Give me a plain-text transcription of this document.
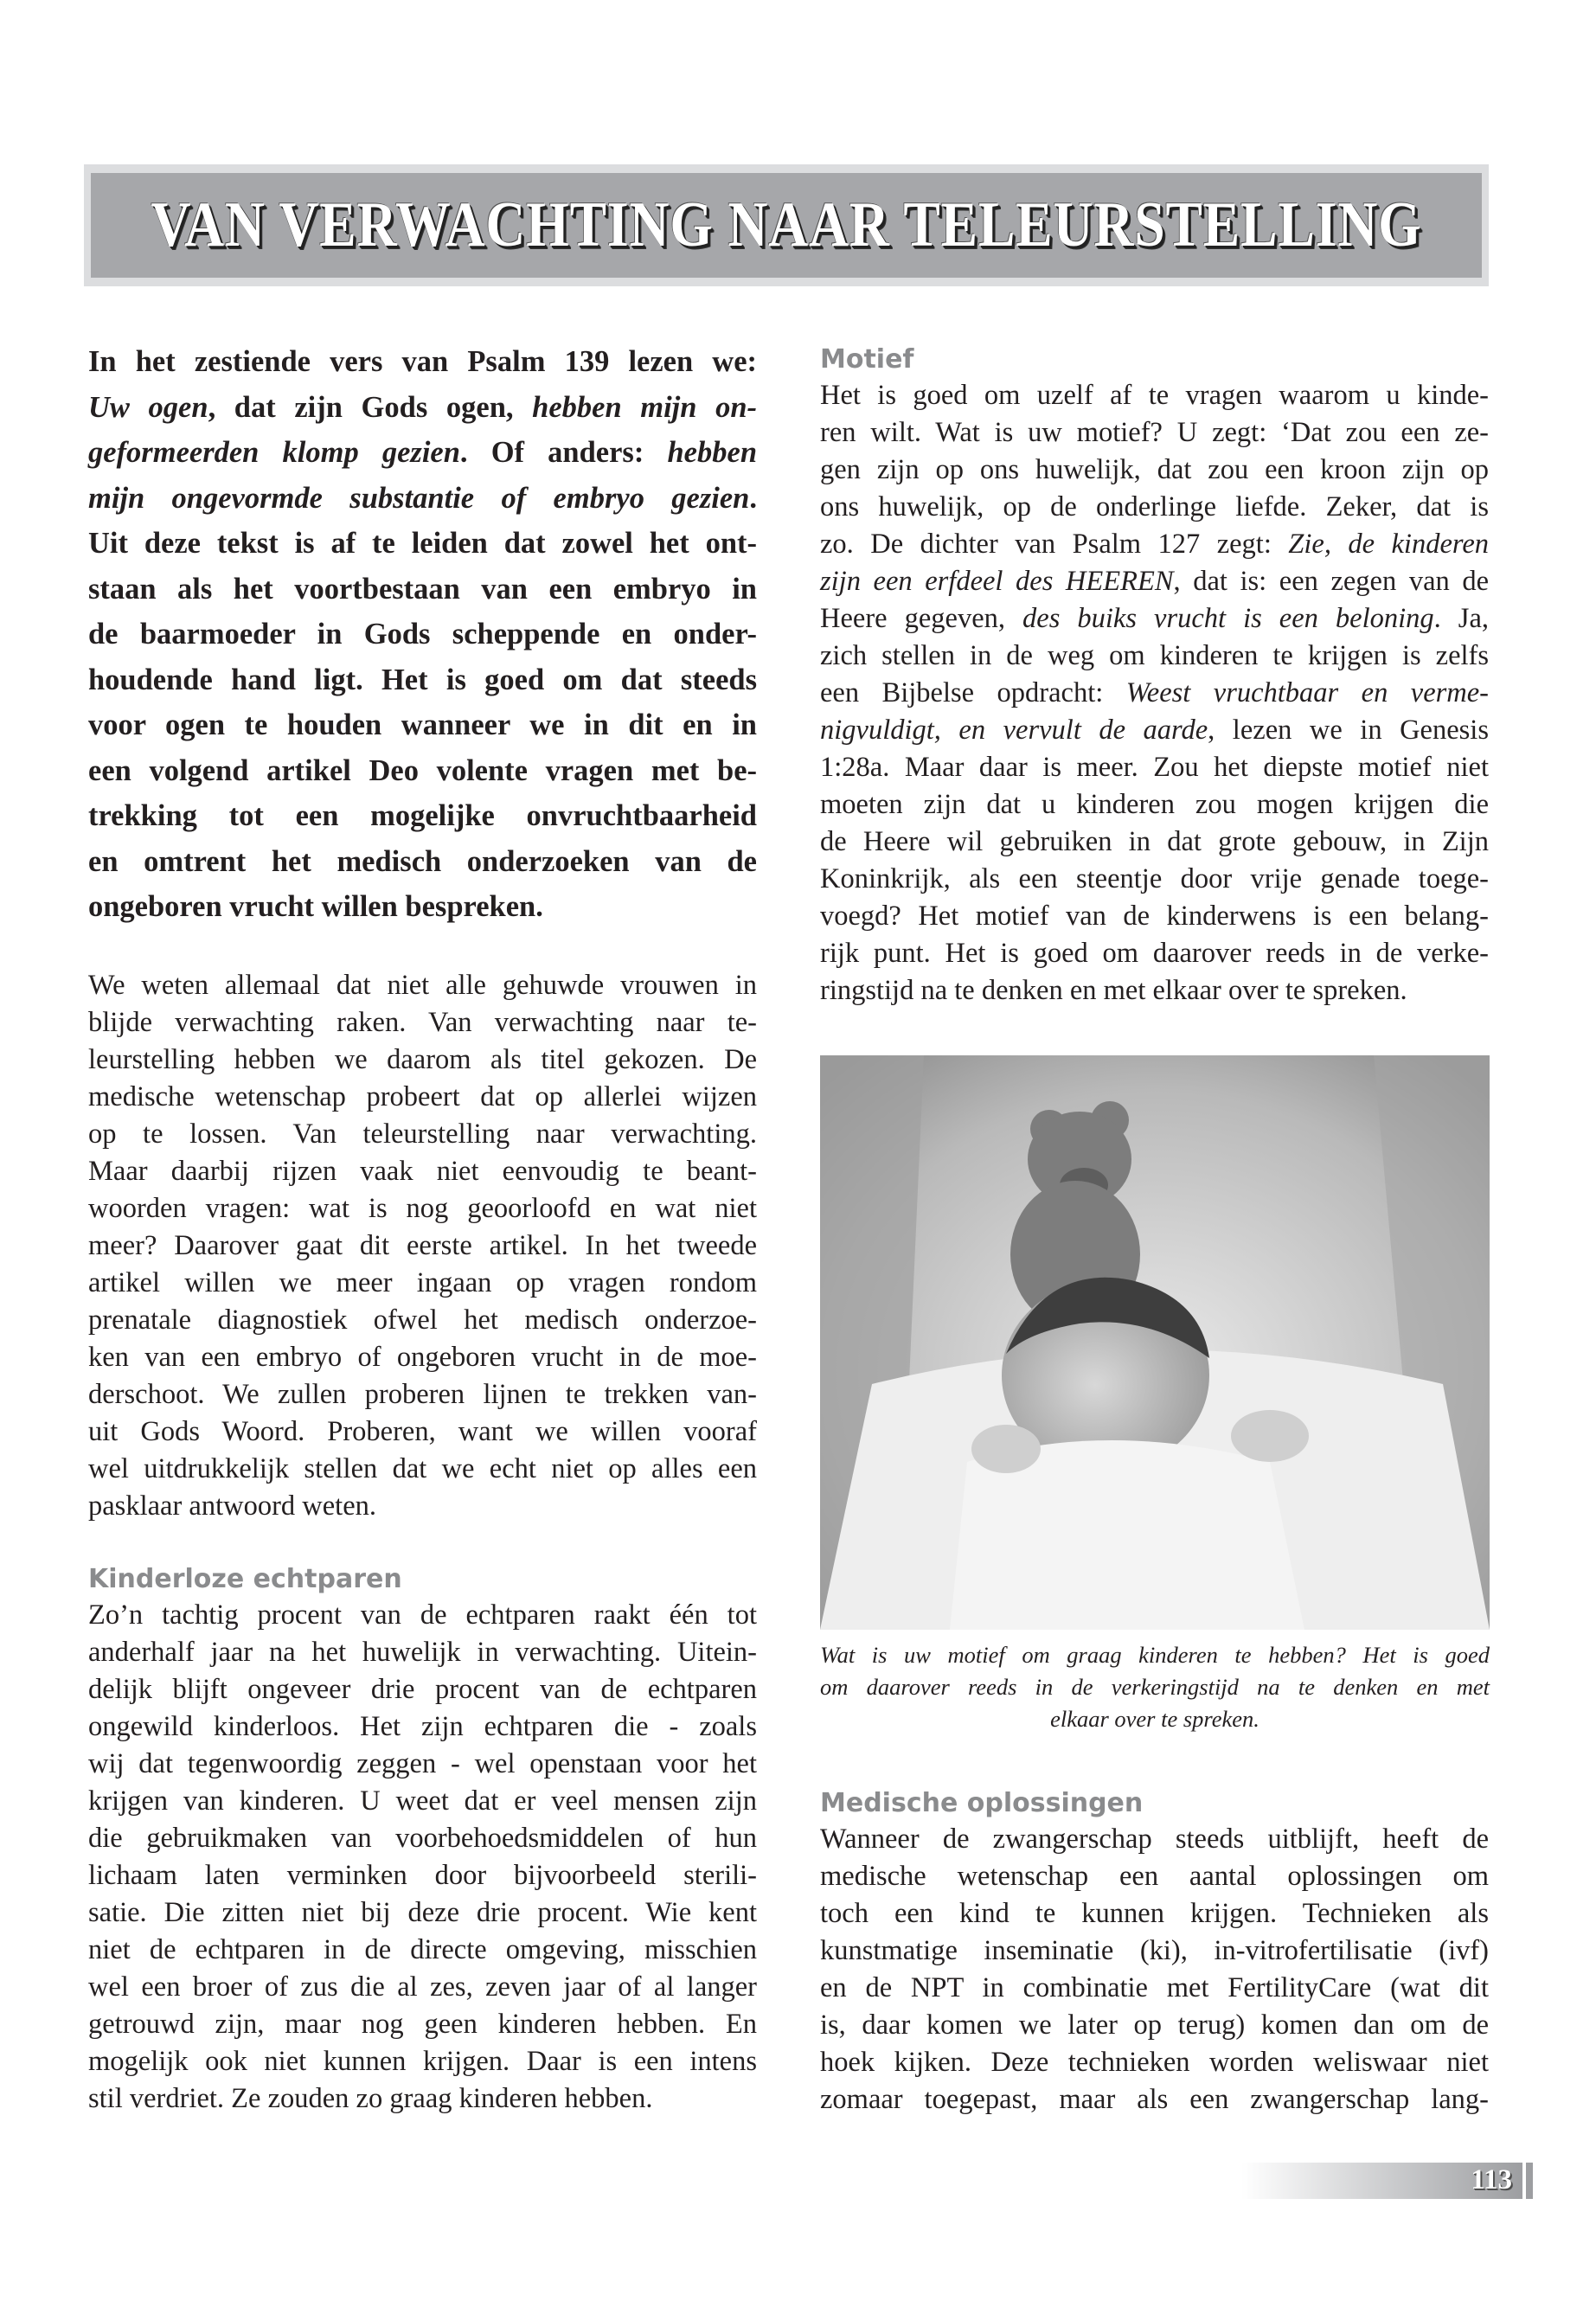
VAN VERWACHTING NAAR TELEURSTELLING
In het zestiende vers van Psalm 139 lezen we:
Uw ogen, dat zijn Gods ogen, hebben mijn on-
geformeerden klomp gezien. Of anders: hebben
mijn ongevormde substantie of embryo gezien.
Uit deze tekst is af te leiden dat zowel het ont-
staan als het voortbestaan van een embryo in
de baarmoeder in Gods scheppende en onder-
houdende hand ligt. Het is goed om dat steeds
voor ogen te houden wanneer we in dit en in
een volgend artikel Deo volente vragen met be-
trekking tot een mogelijke onvruchtbaarheid
en omtrent het medisch onderzoeken van de
ongeboren vrucht willen bespreken.
We weten allemaal dat niet alle gehuwde vrouwen in
blijde verwachting raken. Van verwachting naar te-
leurstelling hebben we daarom als titel gekozen. De
medische wetenschap probeert dat op allerlei wijzen
op te lossen. Van teleurstelling naar verwachting.
Maar daarbij rijzen vaak niet eenvoudig te beant-
woorden vragen: wat is nog geoorloofd en wat niet
meer? Daarover gaat dit eerste artikel. In het tweede
artikel willen we meer ingaan op vragen rondom
prenatale diagnostiek ofwel het medisch onderzoe-
ken van een embryo of ongeboren vrucht in de moe-
derschoot. We zullen proberen lijnen te trekken van-
uit Gods Woord. Proberen, want we willen vooraf
wel uitdrukkelijk stellen dat we echt niet op alles een
pasklaar antwoord weten.
Kinderloze echtparen
Zo’n tachtig procent van de echtparen raakt één tot
anderhalf jaar na het huwelijk in verwachting. Uitein-
delijk blijft ongeveer drie procent van de echtparen
ongewild kinderloos. Het zijn echtparen die - zoals
wij dat tegenwoordig zeggen - wel openstaan voor het
krijgen van kinderen. U weet dat er veel mensen zijn
die gebruikmaken van voorbehoedsmiddelen of hun
lichaam laten verminken door bijvoorbeeld sterili-
satie. Die zitten niet bij deze drie procent. Wie kent
niet de echtparen in de directe omgeving, misschien
wel een broer of zus die al zes, zeven jaar of al langer
getrouwd zijn, maar nog geen kinderen hebben. En
mogelijk ook niet kunnen krijgen. Daar is een intens
stil verdriet. Ze zouden zo graag kinderen hebben.
Motief
Het is goed om uzelf af te vragen waarom u kinde-
ren wilt. Wat is uw motief? U zegt: ‘Dat zou een ze-
gen zijn op ons huwelijk, dat zou een kroon zijn op
ons huwelijk, op de onderlinge liefde. Zeker, dat is
zo. De dichter van Psalm 127 zegt: Zie, de kinderen
zijn een erfdeel des HEEREN, dat is: een zegen van de
Heere gegeven, des buiks vrucht is een beloning. Ja,
zich stellen in de weg om kinderen te krijgen is zelfs
een Bijbelse opdracht: Weest vruchtbaar en verme-
nigvuldigt, en vervult de aarde, lezen we in Genesis
1:28a. Maar daar is meer. Zou het diepste motief niet
moeten zijn dat u kinderen zou mogen krijgen die
de Heere wil gebruiken in dat grote gebouw, in Zijn
Koninkrijk, als een steentje door vrije genade toege-
voegd? Het motief van de kinderwens is een belang-
rijk punt. Het is goed om daarover reeds in de verke-
ringstijd na te denken en met elkaar over te spreken.
Wat is uw motief om graag kinderen te hebben? Het is goed
om daarover reeds in de verkeringstijd na te denken en met
elkaar over te spreken.
Medische oplossingen
Wanneer de zwangerschap steeds uitblijft, heeft de
medische wetenschap een aantal oplossingen om
toch een kind te kunnen krijgen. Technieken als
kunstmatige inseminatie (ki), in-vitrofertilisatie (ivf)
en de NPT in combinatie met FertilityCare (wat dit
is, daar komen we later op terug) komen dan om de
hoek kijken. Deze technieken worden weliswaar niet
zomaar toegepast, maar als een zwangerschap lang-
113
